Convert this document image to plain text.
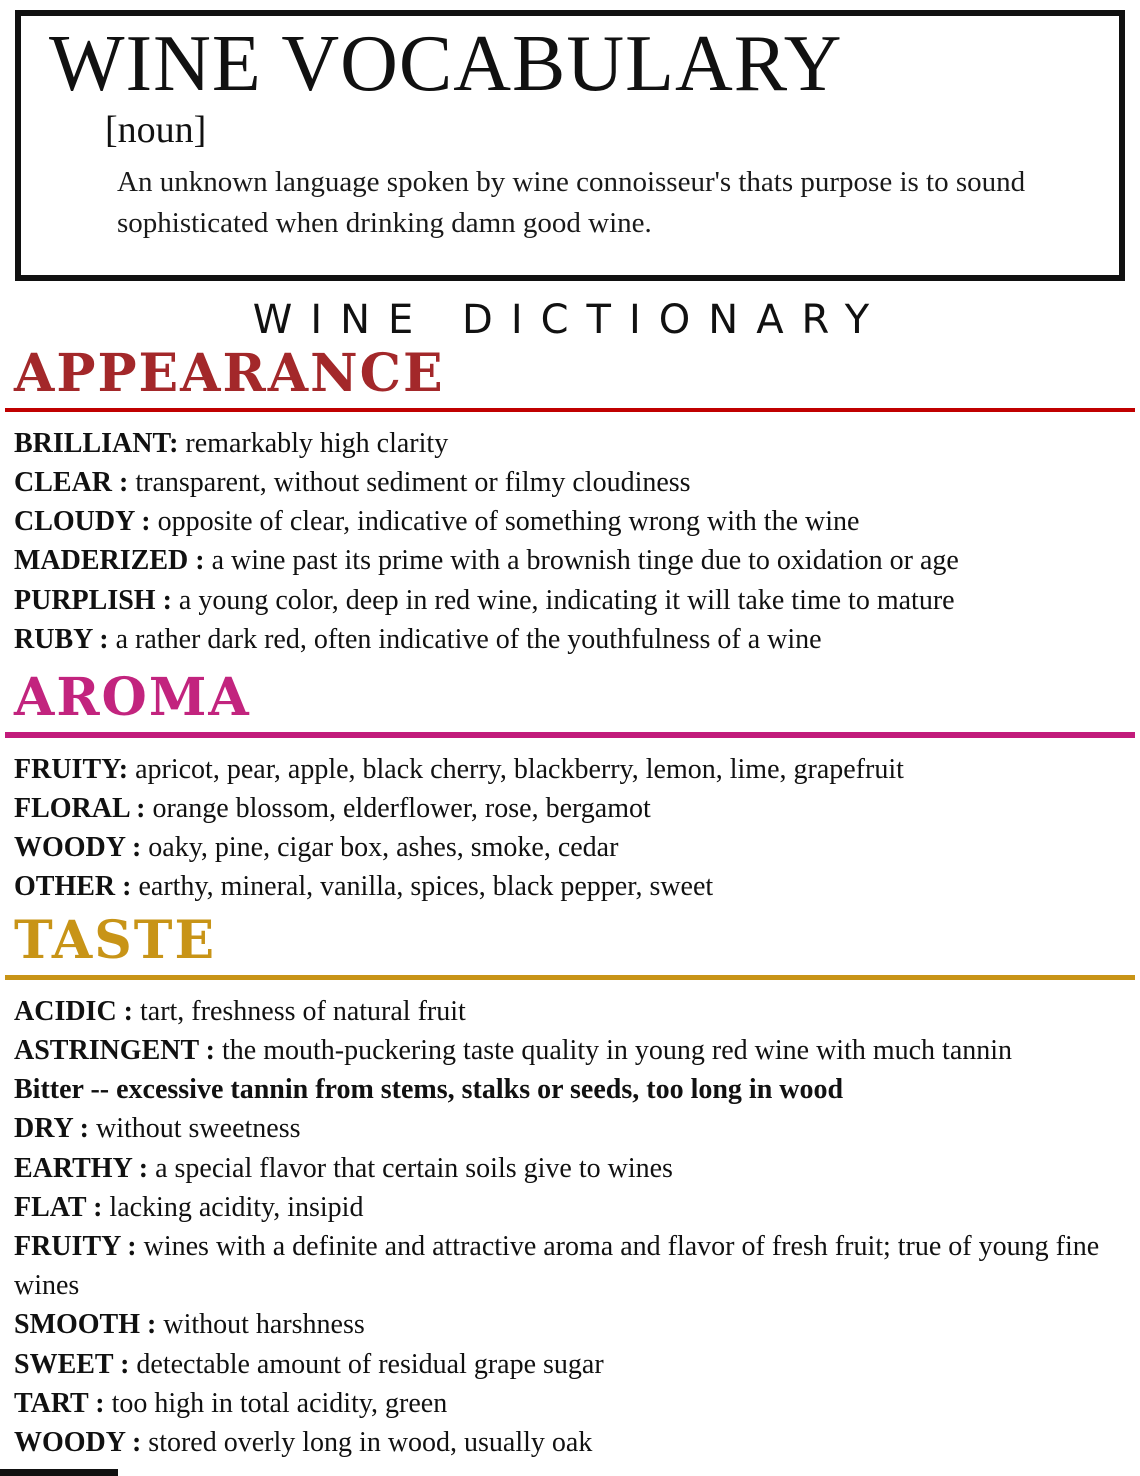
WINE VOCABULARY
[noun]

An unknown language spoken by wine connoisseur's thats purpose is to sound sophisticated when drinking damn good wine.

WINE DICTIONARY
APPEARANCE

BRILLIANT: remarkably high clarity

CLEAR : transparent, without sediment or filmy cloudiness

CLOUDY : opposite of clear, indicative of something wrong with the wine

MADERIZED : a wine past its prime with a brownish tinge due to oxidation or age

PURPLISH : a young color, deep in red wine, indicating it will take time to mature

RUBY : a rather dark red, often indicative of the youthfulness of a wine

AROMA

FRUITY: apricot, pear, apple, black cherry, blackberry, lemon, lime, grapefruit

FLORAL : orange blossom, elderflower, rose, bergamot

WOODY : oaky, pine, cigar box, ashes, smoke, cedar

OTHER : earthy, mineral, vanilla, spices, black pepper, sweet

TASTE

ACIDIC : tart, freshness of natural fruit

ASTRINGENT : the mouth-puckering taste quality in young red wine with much tannin

Bitter -- excessive tannin from stems, stalks or seeds, too long in wood

DRY : without sweetness

EARTHY : a special flavor that certain soils give to wines

FLAT : lacking acidity, insipid

FRUITY : wines with a definite and attractive aroma and flavor of fresh fruit; true of young fine wines

SMOOTH : without harshness

SWEET : detectable amount of residual grape sugar

TART : too high in total acidity, green

WOODY : stored overly long in wood, usually oak
